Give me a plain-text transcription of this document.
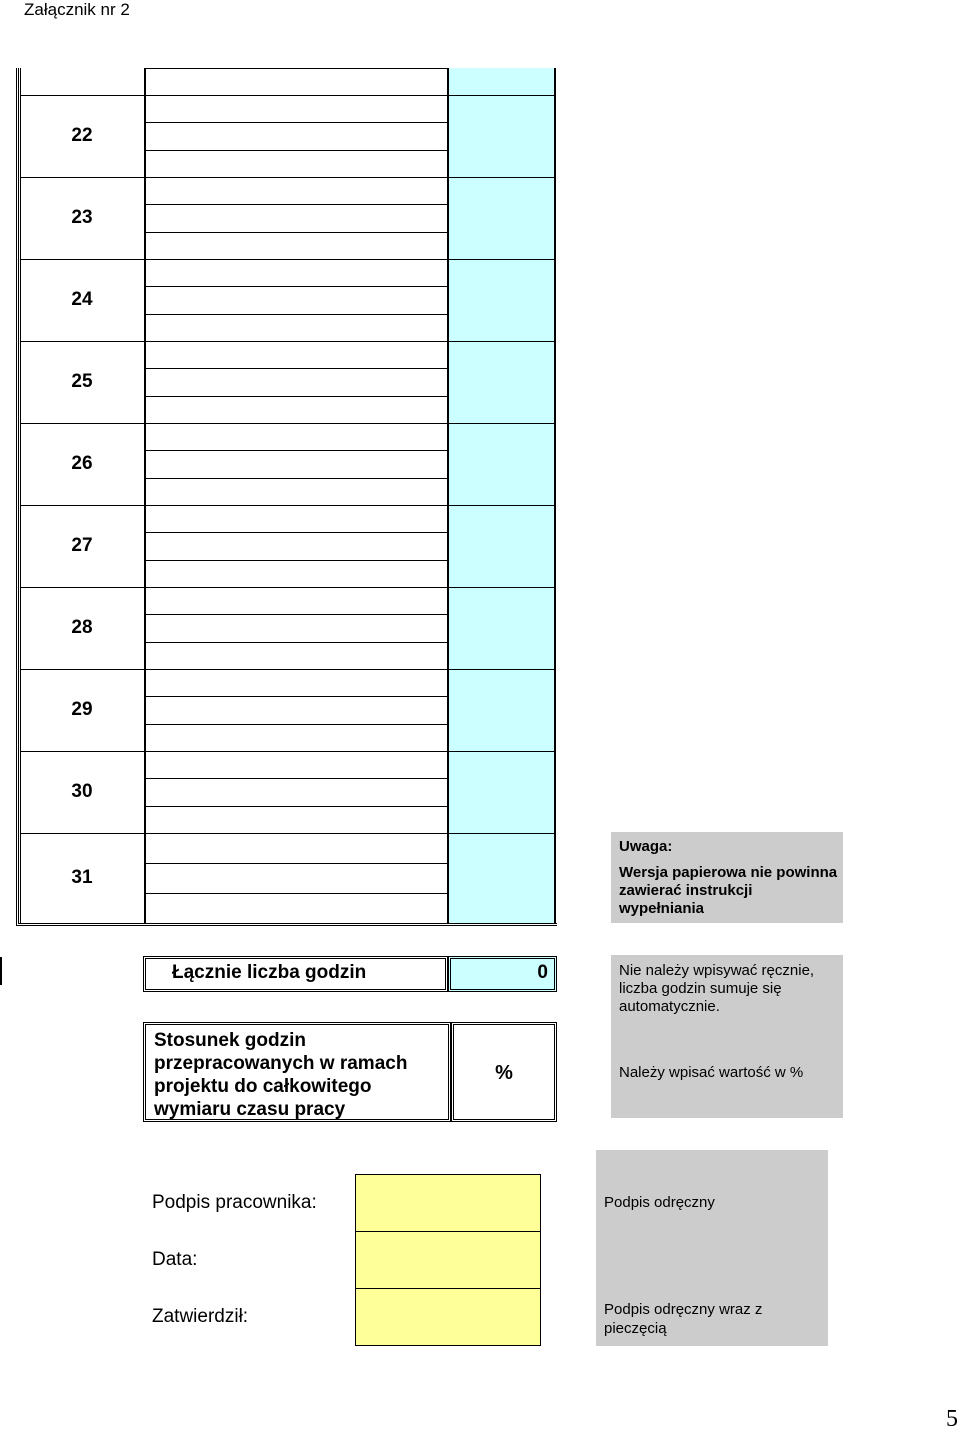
Załącznik nr 2
22
23
24
25
26
27
28
29
30
31
Łącznie liczba godzin	0
Stosunek godzin przepracowanych w ramach projektu do całkowitego wymiaru czasu pracy
%
Uwaga:
Wersja papierowa nie powinna zawierać instrukcji wypełniania
Nie należy wpisywać ręcznie, liczba godzin sumuje się automatycznie.
Należy wpisać wartość w %
Podpis odręczny
Podpis odręczny wraz z pieczęcią
Podpis pracownika:
Data:
Zatwierdził:
5
